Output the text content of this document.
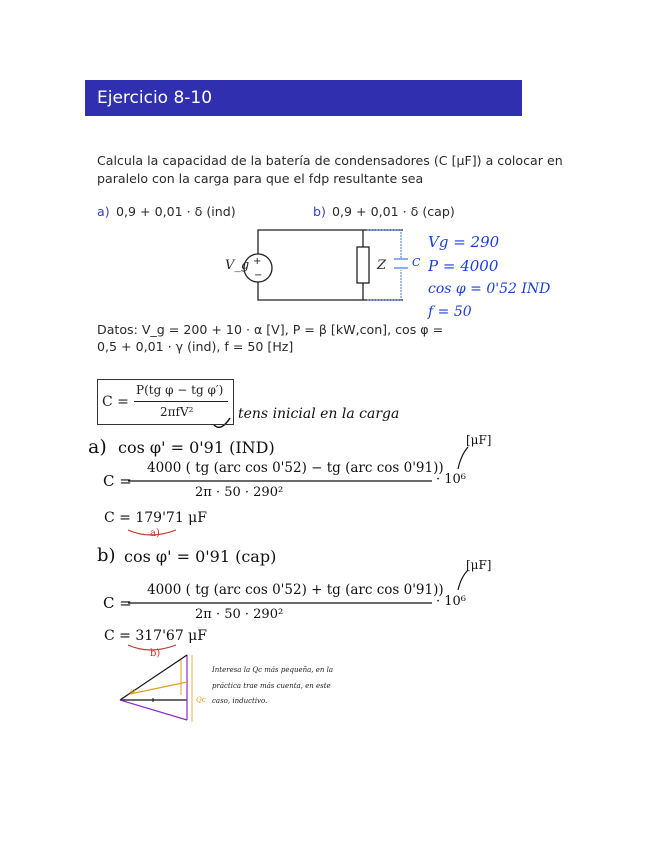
Ejercicio 8-10
Calcula la capacidad de la batería de condensadores (C [μF]) a colocar en
paralelo con la carga para que el fdp resultante sea
a) 0,9 + 0,01 · δ (ind)	b) 0,9 + 0,01 · δ (cap)
+
−
V_g	Z C
Vg = 290
P = 4000
cos φ = 0'52 IND
f = 50
Datos: V_g = 200 + 10 · α [V], P = β [kW,con], cos φ =
0,5 + 0,01 · γ (ind), f = 50 [Hz]
C =
P(tg φ − tg φ′)
2πfV²	tens inicial en la carga
a) cos φ' = 0'91 (IND)	[μF]
C =
4000 ( tg (arc cos 0'52) − tg (arc cos 0'91))
2π · 50 · 290²
· 10⁶
C = 179'71 μF
a)
b) cos φ' = 0'91 (cap)	[μF]
C =
4000 ( tg (arc cos 0'52) + tg (arc cos 0'91))
2π · 50 · 290²
· 10⁶
C = 317'67 μF
b)
φ
Qc
Interesa la Qc más pequeña, en la
práctica trae más cuenta, en este
caso, inductivo.
